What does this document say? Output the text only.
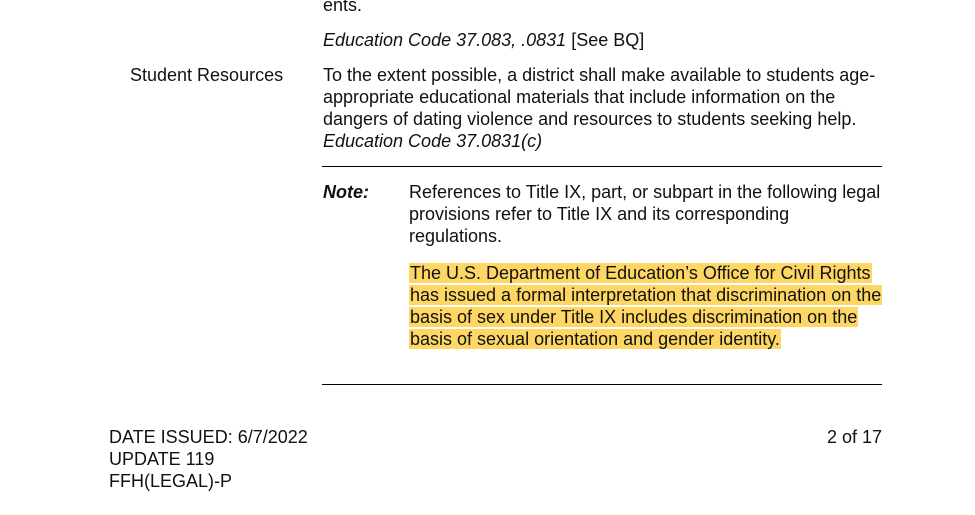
ents.
Education Code 37.083, .0831 [See BQ]
Student Resources To the extent possible, a district shall make available to students age-appropriate educational materials that include information on the dangers of dating violence and resources to students seeking help. Education Code 37.0831(c)
Note: References to Title IX, part, or subpart in the following legal provisions refer to Title IX and its corresponding regulations.
The U.S. Department of Education’s Office for Civil Rights has issued a formal interpretation that discrimination on the basis of sex under Title IX includes discrimination on the basis of sexual orientation and gender identity.
DATE ISSUED: 6/7/2022
UPDATE 119
FFH(LEGAL)-P
2 of 17
